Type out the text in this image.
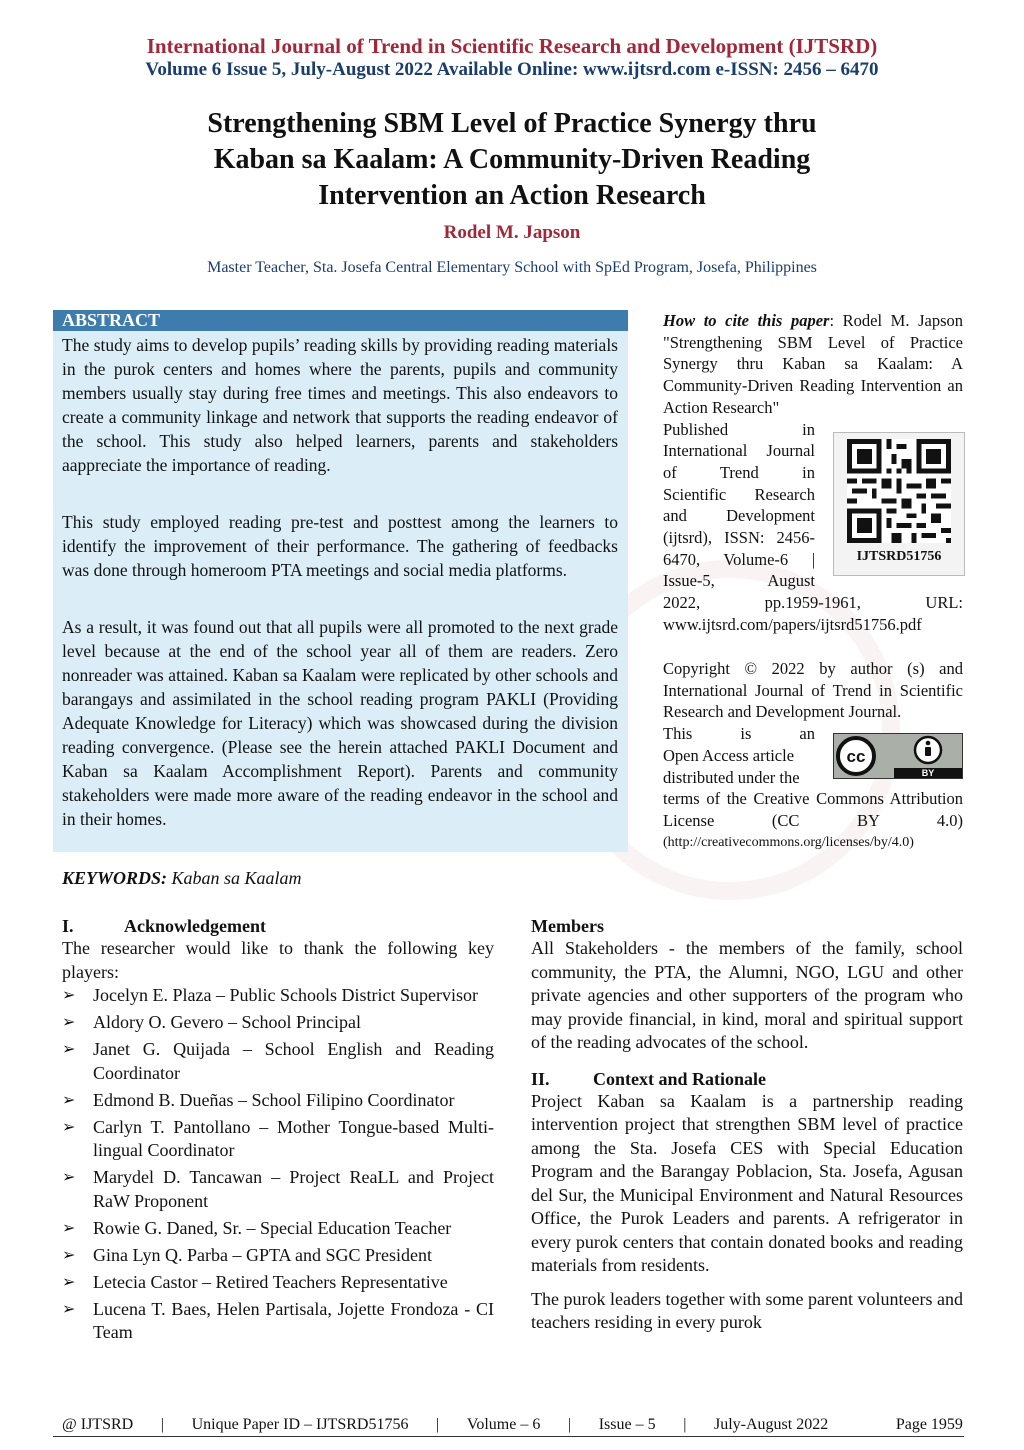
International Journal of Trend in Scientific Research and Development (IJTSRD)
Volume 6 Issue 5, July-August 2022 Available Online: www.ijtsrd.com e-ISSN: 2456 – 6470
Strengthening SBM Level of Practice Synergy thru
Kaban sa Kaalam: A Community-Driven Reading
Intervention an Action Research
Rodel M. Japson
Master Teacher, Sta. Josefa Central Elementary School with SpEd Program, Josefa, Philippines
ABSTRACT
The study aims to develop pupils’ reading skills by providing reading materials in the purok centers and homes where the parents, pupils and community members usually stay during free times and meetings. This also endeavors to create a community linkage and network that supports the reading endeavor of the school. This study also helped learners, parents and stakeholders aappreciate the importance of reading.
This study employed reading pre-test and posttest among the learners to identify the improvement of their performance. The gathering of feedbacks was done through homeroom PTA meetings and social media platforms.
As a result, it was found out that all pupils were all promoted to the next grade level because at the end of the school year all of them are readers. Zero nonreader was attained. Kaban sa Kaalam were replicated by other schools and barangays and assimilated in the school reading program PAKLI (Providing Adequate Knowledge for Literacy) which was showcased during the division reading convergence. (Please see the herein attached PAKLI Document and Kaban sa Kaalam Accomplishment Report). Parents and community stakeholders were made more aware of the reading endeavor in the school and in their homes.
KEYWORDS: Kaban sa Kaalam
How to cite this paper: Rodel M. Japson "Strengthening SBM Level of Practice Synergy thru Kaban sa Kaalam: A Community-Driven Reading Intervention an Action Research"
Published in
International Journal
of Trend in
Scientific Research
and Development
(ijtsrd), ISSN: 2456-
6470, Volume-6 |
Issue-5, August
2022, pp.1959-1961, URL: www.ijtsrd.com/papers/ijtsrd51756.pdf
IJTSRD51756
Copyright © 2022 by author (s) and International Journal of Trend in Scientific Research and Development Journal.
This is an
Open Access article
distributed under the
terms of the Creative Commons Attribution License (CC BY 4.0)
(http://creativecommons.org/licenses/by/4.0)
cc
BY
I.	Acknowledgement
The researcher would like to thank the following key players:
➢ Jocelyn E. Plaza – Public Schools District Supervisor
➢ Aldory O. Gevero – School Principal
➢ Janet G. Quijada – School English and Reading Coordinator
➢ Edmond B. Dueñas – School Filipino Coordinator
➢ Carlyn T. Pantollano – Mother Tongue-based Multi-lingual Coordinator
➢ Marydel D. Tancawan – Project ReaLL and Project RaW Proponent
➢ Rowie G. Daned, Sr. – Special Education Teacher
➢ Gina Lyn Q. Parba – GPTA and SGC President
➢ Letecia Castor – Retired Teachers Representative
➢ Lucena T. Baes, Helen Partisala, Jojette Frondoza - CI Team
Members
All Stakeholders - the members of the family, school community, the PTA, the Alumni, NGO, LGU and other private agencies and other supporters of the program who may provide financial, in kind, moral and spiritual support of the reading advocates of the school.
II.	Context and Rationale
Project Kaban sa Kaalam is a partnership reading intervention project that strengthen SBM level of practice among the Sta. Josefa CES with Special Education Program and the Barangay Poblacion, Sta. Josefa, Agusan del Sur, the Municipal Environment and Natural Resources Office, the Purok Leaders and parents. A refrigerator in every purok centers that contain donated books and reading materials from residents.
The purok leaders together with some parent volunteers and teachers residing in every purok
@ IJTSRD | Unique Paper ID – IJTSRD51756 | Volume – 6 | Issue – 5 | July-August 2022	Page 1959
